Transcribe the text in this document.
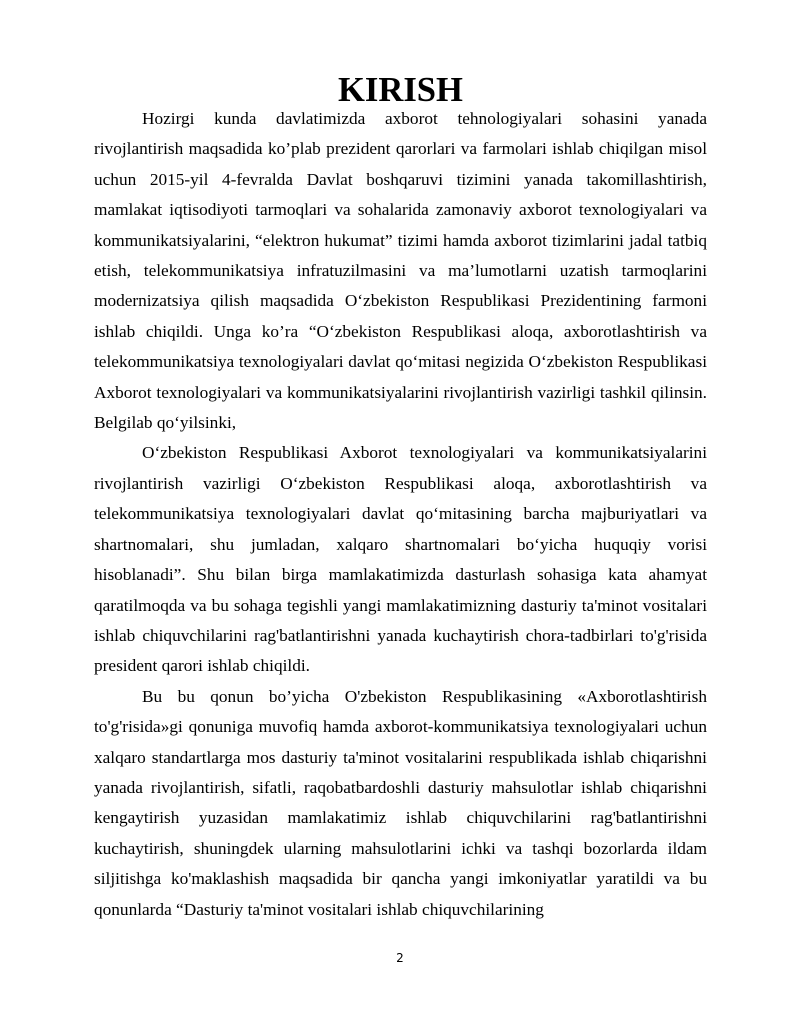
KIRISH

Hozirgi kunda davlatimizda axborot tehnologiyalari sohasini yanada rivojlantirish maqsadida ko’plab prezident qarorlari va farmolari ishlab chiqilgan misol uchun 2015-yil 4-fevralda Davlat boshqaruvi tizimini yanada takomillashtirish, mamlakat iqtisodiyoti tarmoqlari va sohalarida zamonaviy axborot texnologiyalari va kommunikatsiyalarini, “elektron hukumat” tizimi hamda axborot tizimlarini jadal tatbiq etish, telekommunikatsiya infratuzilmasini va ma’lumotlarni uzatish tarmoqlarini modernizatsiya qilish maqsadida O‘zbekiston Respublikasi Prezidentining farmoni ishlab chiqildi. Unga ko’ra “O‘zbekiston Respublikasi aloqa, axborotlashtirish va telekommunikatsiya texnologiyalari davlat qo‘mitasi negizida O‘zbekiston Respublikasi Axborot texnologiyalari va kommunikatsiyalarini rivojlantirish vazirligi tashkil qilinsin. Belgilab qo‘yilsinki,

O‘zbekiston Respublikasi Axborot texnologiyalari va kommunikatsiyalarini rivojlantirish vazirligi O‘zbekiston Respublikasi aloqa, axborotlashtirish va telekommunikatsiya texnologiyalari davlat qo‘mitasining barcha majburiyatlari va shartnomalari, shu jumladan, xalqaro shartnomalari bo‘yicha huquqiy vorisi hisoblanadi”. Shu bilan birga mamlakatimizda dasturlash sohasiga kata ahamyat qaratilmoqda va bu sohaga tegishli yangi mamlakatimizning dasturiy ta'minot vositalari ishlab chiquvchilarini rag'batlantirishni yanada kuchaytirish chora-tadbirlari to'g'risida president qarori ishlab chiqildi.

Bu bu qonun bo’yicha O'zbekiston Respublikasining «Axborotlashtirish to'g'risida»gi qonuniga muvofiq hamda axborot-kommunikatsiya texnologiyalari uchun xalqaro standartlarga mos dasturiy ta'minot vositalarini respublikada ishlab chiqarishni yanada rivojlantirish, sifatli, raqobatbardoshli dasturiy mahsulotlar ishlab chiqarishni kengaytirish yuzasidan mamlakatimiz ishlab chiquvchilarini rag'batlantirishni kuchaytirish, shuningdek ularning mahsulotlarini ichki va tashqi bozorlarda ildam siljitishga ko'maklashish maqsadida bir qancha yangi imkoniyatlar yaratildi va bu qonunlarda “Dasturiy ta'minot vositalari ishlab chiquvchilarining

2
